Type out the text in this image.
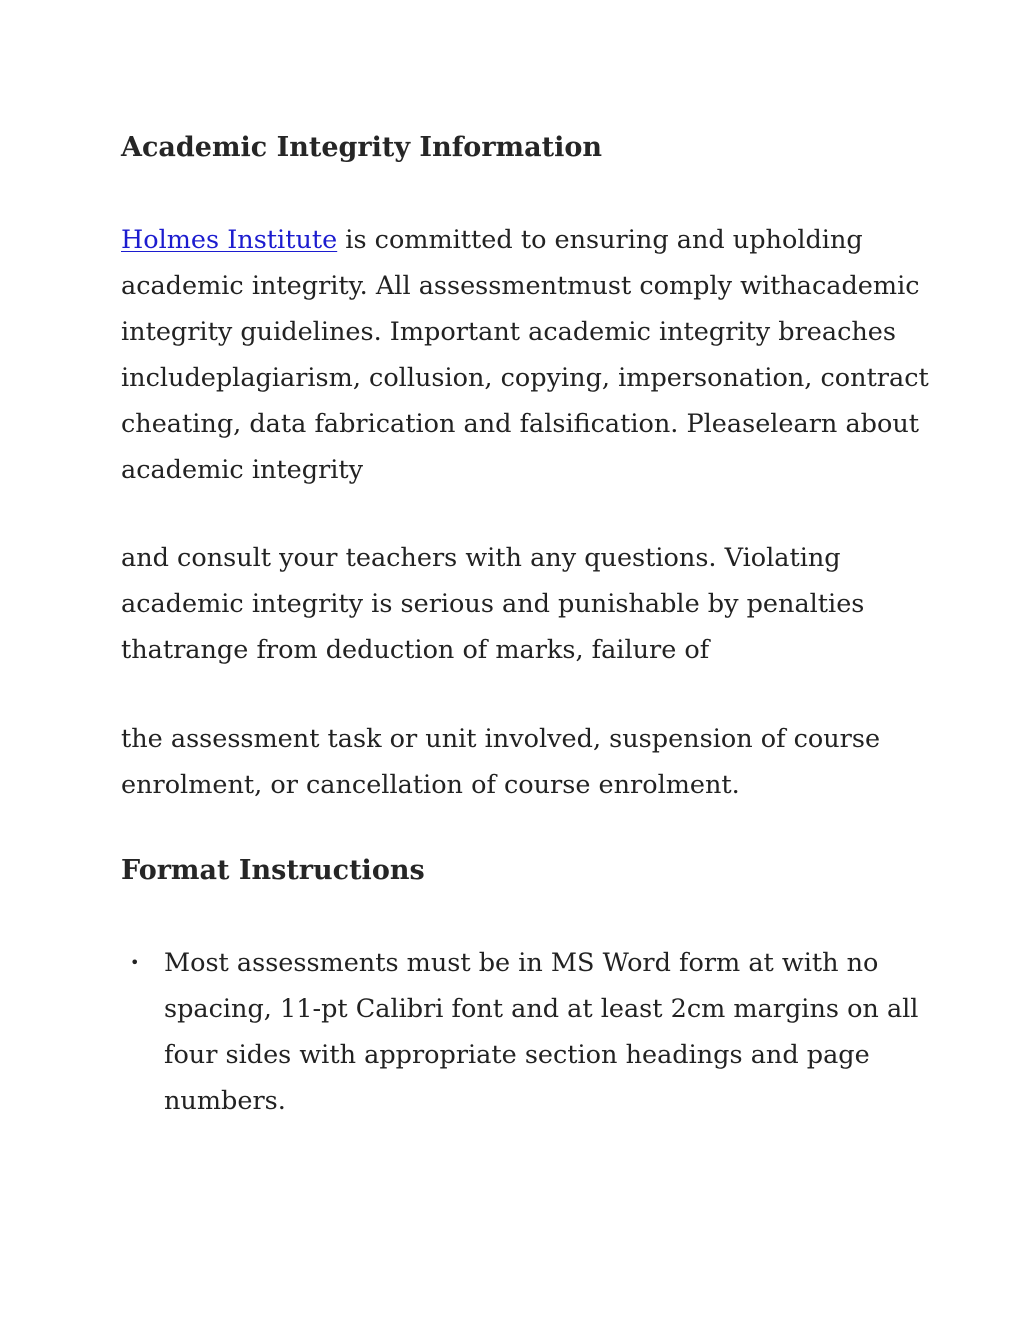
Academic Integrity Information

Holmes Institute is committed to ensuring and upholding
academic integrity. All assessmentmust comply withacademic
integrity guidelines. Important academic integrity breaches
includeplagiarism, collusion, copying, impersonation, contract
cheating, data fabrication and falsification. Pleaselearn about
academic integrity

and consult your teachers with any questions. Violating
academic integrity is serious and punishable by penalties
thatrange from deduction of marks, failure of

the assessment task or unit involved, suspension of course
enrolment, or cancellation of course enrolment.

Format Instructions
• Most assessments must be in MS Word form at with no
spacing, 11-pt Calibri font and at least 2cm margins on all
four sides with appropriate section headings and page
numbers.
